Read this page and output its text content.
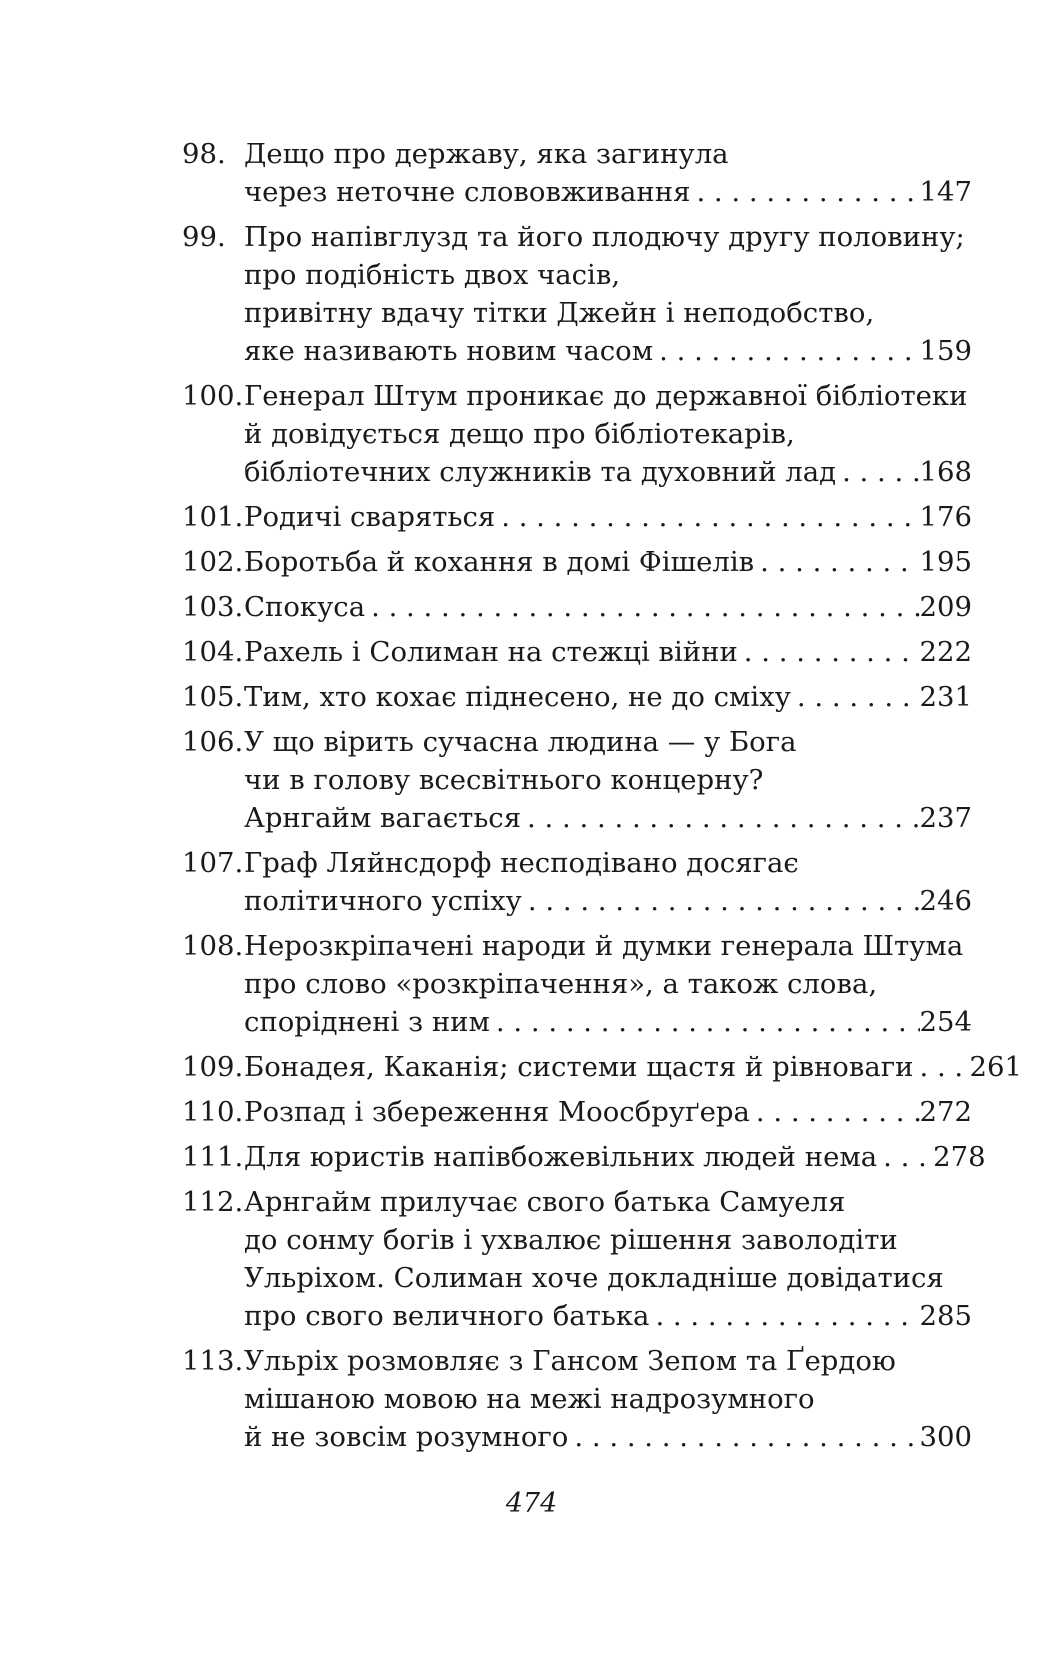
98. Дещо про державу, яка загинула
через неточне слововживання . . .	147
99. Про напівглузд та його плодючу другу половину;
про подібність двох часів,
привітну вдачу тітки Джейн і неподобство,
яке називають новим часом . . .	159
100. Генерал Штум проникає до державної бібліотеки
й довідується дещо про бібліотекарів,
бібліотечних служників та духовний лад . . .	168
101. Родичі сваряться . . .	176
102. Боротьба й кохання в домі Фішелів . . .	195
103. Спокуса . . .	209
104. Рахель і Солиман на стежці війни . . .	222
105. Тим, хто кохає піднесено, не до сміху . . .	231
106. У що вірить сучасна людина — у Бога
чи в голову всесвітнього концерну?
Арнгайм вагається . . .	237
107. Граф Ляйнсдорф несподівано досягає
політичного успіху . . .	246
108. Нерозкріпачені народи й думки генерала Штума
про слово «розкріпачення», а також слова,
споріднені з ним . . .	254
109. Бонадея, Каканія; системи щастя й рівноваги . . . 261
110. Розпад і збереження Моосбруґера . . .	272
111. Для юристів напівбожевільних людей нема . . . 278
112. Арнгайм прилучає свого батька Самуеля
до сонму богів і ухвалює рішення заволодіти
Ульріхом. Солиман хоче докладніше довідатися
про свого величного батька . . .	285
113. Ульріх розмовляє з Гансом Зепом та Ґердою
мішаною мовою на межі надрозумного
й не зовсім розумного . . .	300
474
